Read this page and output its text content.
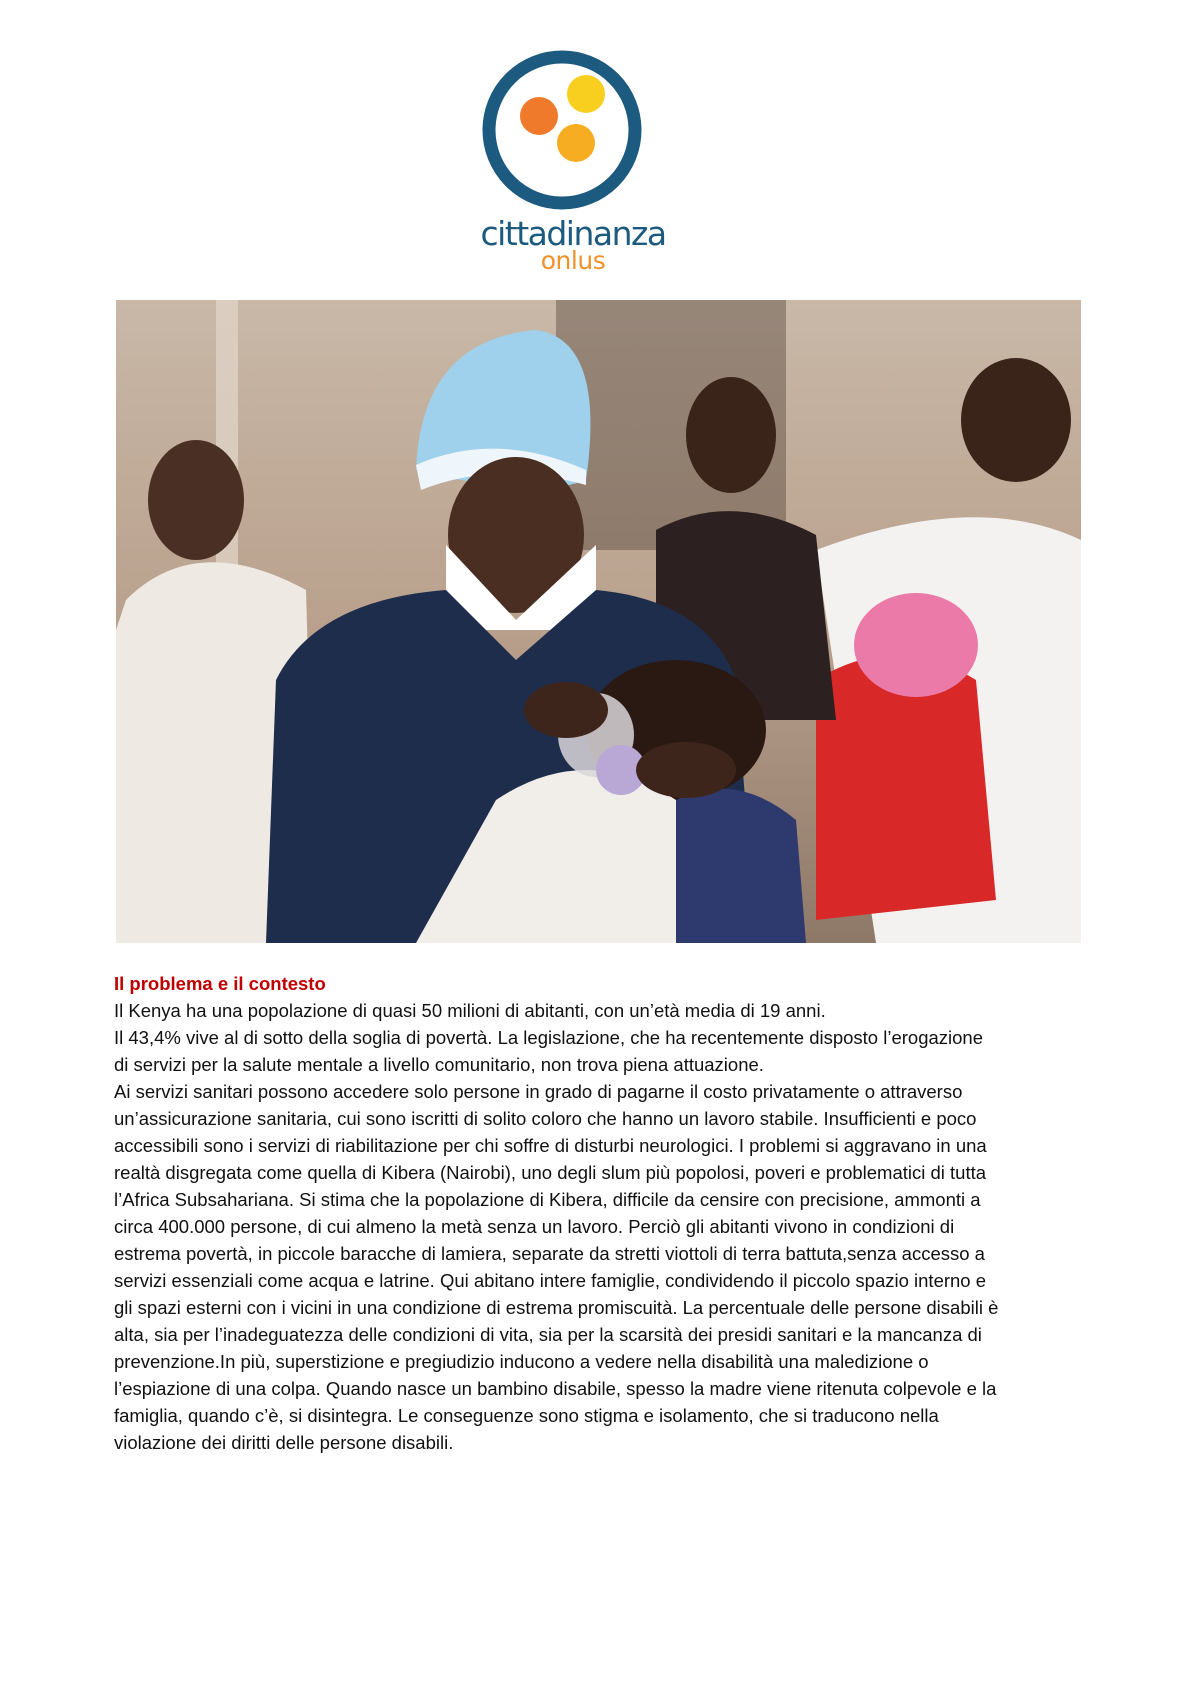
cittadinanza
onlus
Il problema e il contesto

Il Kenya ha una popolazione di quasi 50 milioni di abitanti, con un’età media di 19 anni.

Il 43,4% vive al di sotto della soglia di povertà. La legislazione, che ha recentemente disposto l’erogazione

di servizi per la salute mentale a livello comunitario, non trova piena attuazione.

Ai servizi sanitari possono accedere solo persone in grado di pagarne il costo privatamente o attraverso

un’assicurazione sanitaria, cui sono iscritti di solito coloro che hanno un lavoro stabile. Insufficienti e poco

accessibili sono i servizi di riabilitazione per chi soffre di disturbi neurologici. I problemi si aggravano in una

realtà disgregata come quella di Kibera (Nairobi), uno degli slum più popolosi, poveri e problematici di tutta

l’Africa Subsahariana. Si stima che la popolazione di Kibera, difficile da censire con precisione, ammonti a

circa 400.000 persone, di cui almeno la metà senza un lavoro. Perciò gli abitanti vivono in condizioni di

estrema povertà, in piccole baracche di lamiera, separate da stretti viottoli di terra battuta,senza accesso a

servizi essenziali come acqua e latrine. Qui abitano intere famiglie, condividendo il piccolo spazio interno e

gli spazi esterni con i vicini in una condizione di estrema promiscuità. La percentuale delle persone disabili è

alta, sia per l’inadeguatezza delle condizioni di vita, sia per la scarsità dei presidi sanitari e la mancanza di

prevenzione.In più, superstizione e pregiudizio inducono a vedere nella disabilità una maledizione o

l’espiazione di una colpa. Quando nasce un bambino disabile, spesso la madre viene ritenuta colpevole e la

famiglia, quando c’è, si disintegra. Le conseguenze sono stigma e isolamento, che si traducono nella

violazione dei diritti delle persone disabili.
